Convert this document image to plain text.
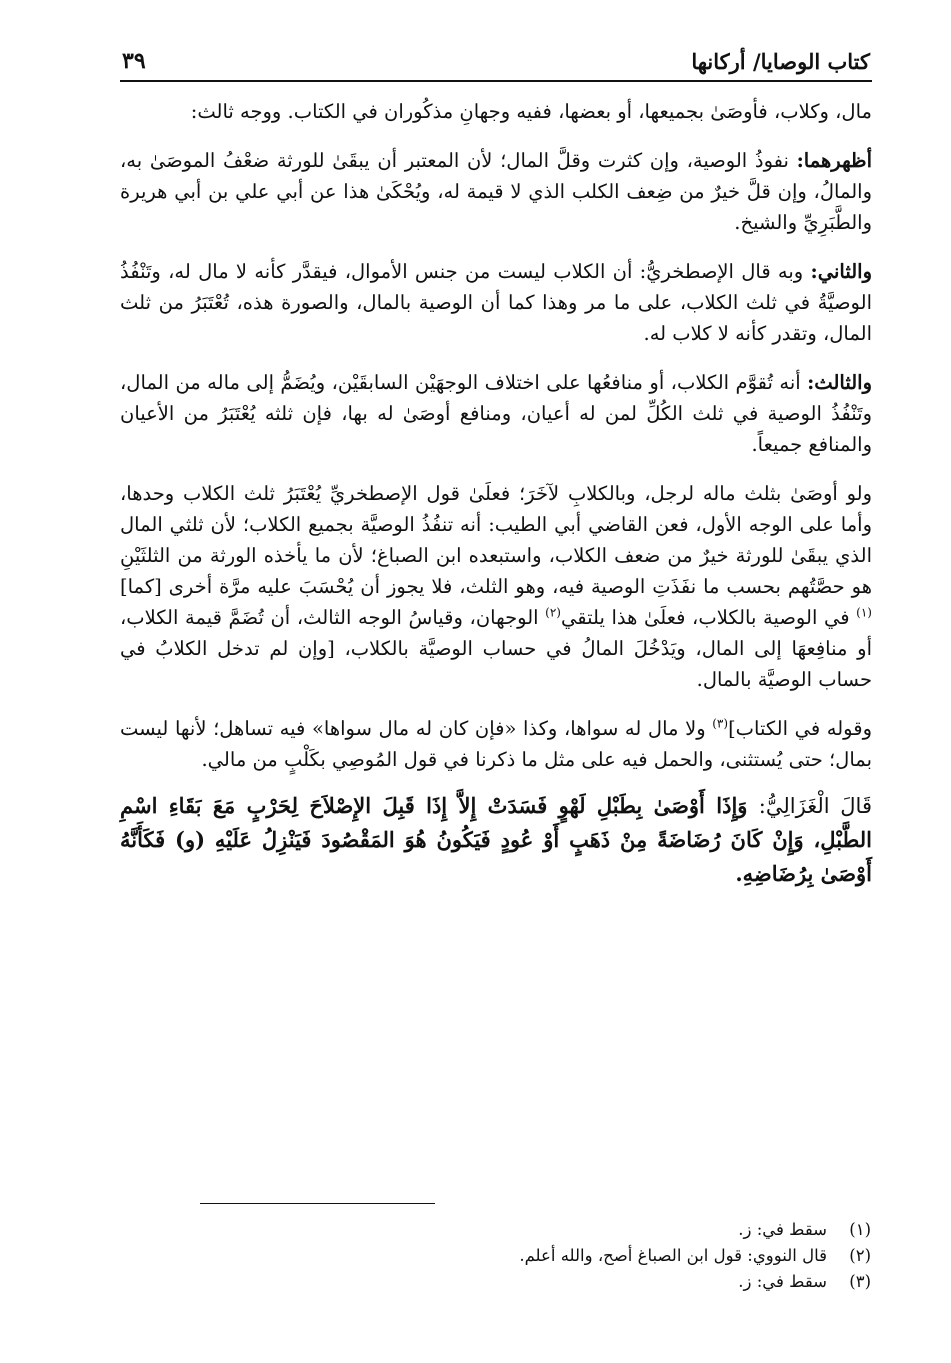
كتاب الوصايا/ أركانها
٣٩

مال، وكلاب، فأوصَىٰ بجميعها، أو بعضها، ففيه وجهانِ مذكُوران في الكتاب. ووجه ثالث:

أظهرهما: نفوذُ الوصية، وإن كثرت وقلَّ المال؛ لأن المعتبر أن يبقَىٰ للورثة ضعْفُ الموصَىٰ به، والمالُ، وإن قلَّ خيرٌ من ضِعف الكلب الذي لا قيمة له، ويُحْكَىٰ هذا عن أبي علي بن أبي هريرة والطَّبَرِيِّ والشيخ.

والثاني: وبه قال الإصطخريُّ: أن الكلاب ليست من جنس الأموال، فيقدَّر كأنه لا مال له، وتَنْفُذُ الوصيَّةُ في ثلث الكلاب، على ما مر وهذا كما أن الوصية بالمال، والصورة هذه، تُعْتَبَرُ من ثلث المال، وتقدر كأنه لا كلاب له.

والثالث: أنه تُقوَّم الكلاب، أو منافعُها على اختلاف الوجهَيْن السابقَيْن، ويُضَمُّ إلى ماله من المال، وتَنْفُذُ الوصية في ثلث الكُلِّ لمن له أعيان، ومنافع أوصَىٰ له بها، فإن ثلثه يُعْتَبَرُ من الأعيان والمنافع جميعاً.

ولو أوصَىٰ بثلث ماله لرجل، وبالكلابِ لآخَرَ؛ فعلَىٰ قول الإصطخريِّ يُعْتَبَرُ ثلث الكلاب وحدها، وأما على الوجه الأول، فعن القاضي أبي الطيب: أنه تنفُذُ الوصيَّة بجميع الكلاب؛ لأن ثلثي المال الذي يبقَىٰ للورثة خيرٌ من ضعف الكلاب، واستبعده ابن الصباغ؛ لأن ما يأخذه الورثة من الثلثَيْنِ هو حصَّتُهم بحسب ما نفَذَتِ الوصية فيه، وهو الثلث، فلا يجوز أن يُحْسَبَ عليه مرَّة أخرى [كما]$^{(١)}$ في الوصية بالكلاب، فعلَىٰ هذا يلتقي$^{(٢)}$ الوجهان، وقياسُ الوجه الثالث، أن تُضَمَّ قيمة الكلاب، أو منافِعهَا إلى المال، ويَدْخُلَ المالُ في حساب الوصيَّة بالكلاب، [وإن لم تدخل الكلابُ في حساب الوصيَّة بالمال.

وقوله في الكتاب]$^{(٣)}$ ولا مال له سواها، وكذا «فإن كان له مال سواها» فيه تساهل؛ لأنها ليست بمال؛ حتى يُستثنى، والحمل فيه على مثل ما ذكرنا في قول المُوصِي بكَلْبٍ من مالي.

قَالَ الْغَزَالِيُّ: وَإِذَا أَوْصَىٰ بِطَبْلِ لَهْوٍ فَسَدَتْ إِلاَّ إِذَا قَبِلَ الإِصْلاَحَ لِحَرْبٍ مَعَ بَقَاءِ اسْمِ الطَّبْلِ، وَإِنْ كَانَ رُضَاضَةً مِنْ ذَهَبٍ أَوْ عُودٍ فَيَكُونُ هُوَ المَقْصُودَ فَيَنْزِلُ عَلَيْهِ (و) فَكَأَنَّهُ أَوْصَىٰ بِرُضَاضِهِ.

(١)
سقط في: ز.
(٢)
قال النووي: قول ابن الصباغ أصح، والله أعلم.
(٣)
سقط في: ز.
